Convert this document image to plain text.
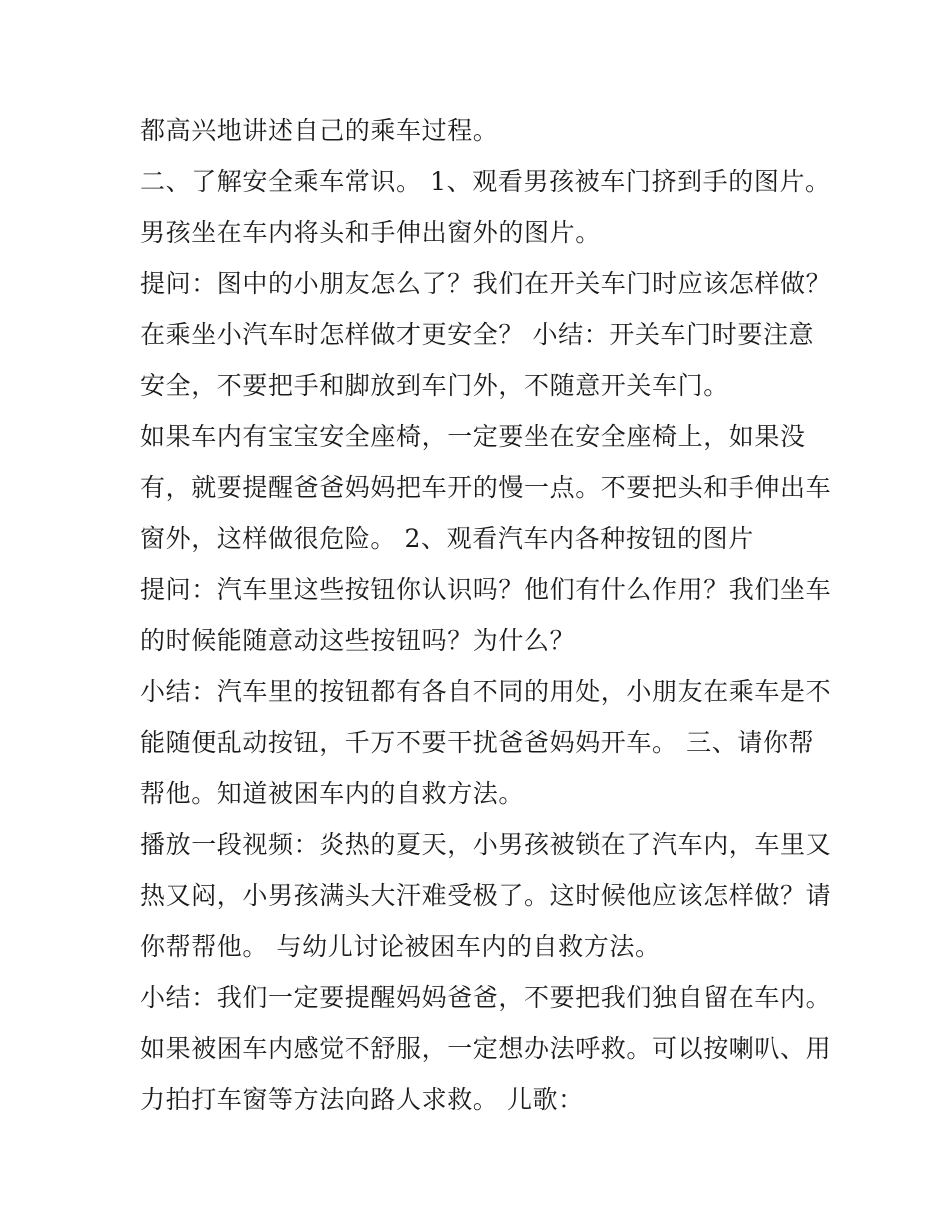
都高兴地讲述自己的乘车过程。
二、了解安全乘车常识。 1、观看男孩被车门挤到手的图片。
男孩坐在车内将头和手伸出窗外的图片。
提问：图中的小朋友怎么了？我们在开关车门时应该怎样做？
在乘坐小汽车时怎样做才更安全？ 小结：开关车门时要注意
安全，不要把手和脚放到车门外，不随意开关车门。
如果车内有宝宝安全座椅，一定要坐在安全座椅上，如果没
有，就要提醒爸爸妈妈把车开的慢一点。不要把头和手伸出车
窗外，这样做很危险。 2、观看汽车内各种按钮的图片
提问：汽车里这些按钮你认识吗？他们有什么作用？我们坐车
的时候能随意动这些按钮吗？为什么？
小结：汽车里的按钮都有各自不同的用处，小朋友在乘车是不
能随便乱动按钮，千万不要干扰爸爸妈妈开车。 三、请你帮
帮他。知道被困车内的自救方法。
播放一段视频：炎热的夏天，小男孩被锁在了汽车内，车里又
热又闷，小男孩满头大汗难受极了。这时候他应该怎样做？请
你帮帮他。 与幼儿讨论被困车内的自救方法。
小结：我们一定要提醒妈妈爸爸，不要把我们独自留在车内。
如果被困车内感觉不舒服，一定想办法呼救。可以按喇叭、用
力拍打车窗等方法向路人求救。 儿歌：
